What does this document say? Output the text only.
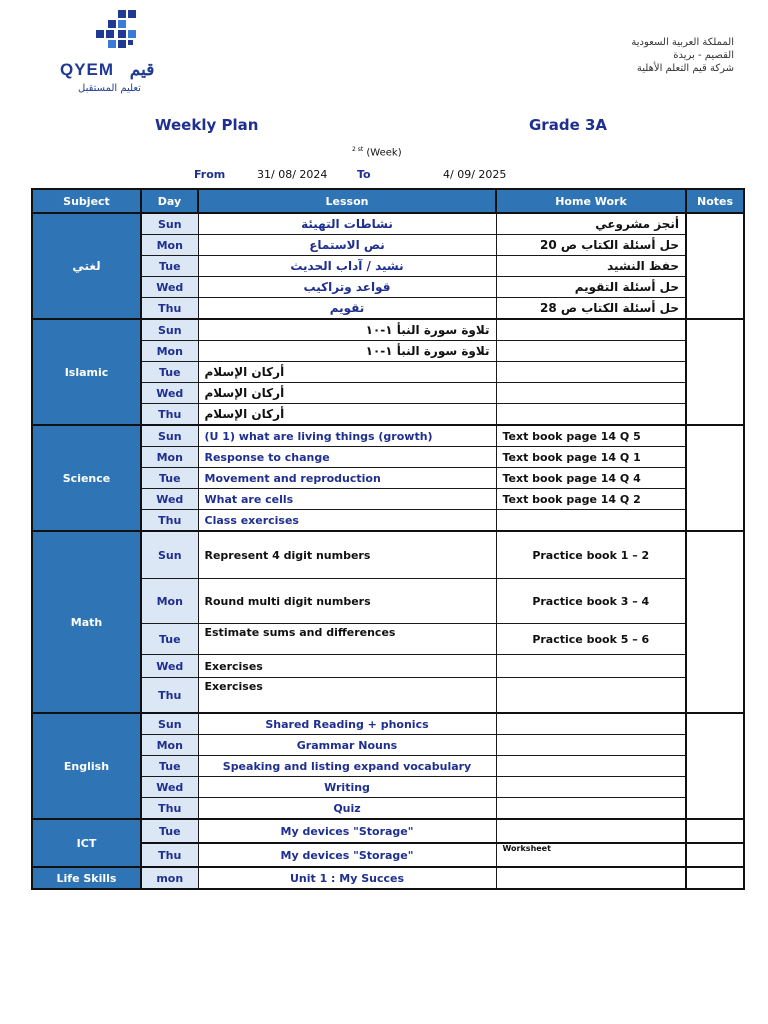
QYEM قيم
تعليم المستقبل
المملكة العربية السعودية
القصيم - بريدة
شركة قيم التعلم الأهلية
Weekly Plan	Grade 3A
$^{2 st}$ (Week)
From	31/ 08/ 2024	To	4/ 09/ 2025
Subject	Day	Lesson	Home Work	Notes
لغتي	Sun	نشاطات التهيئة	أنجز مشروعي	
	Mon	نص الاستماع	حل أسئلة الكتاب ص 20	
	Tue	نشيد / آداب الحديث	حفظ النشيد	
	Wed	قواعد وتراكيب	حل أسئلة التقويم	
	Thu	تقويم	حل أسئلة الكتاب ص 28	
Islamic	Sun	تلاوة سورة النبأ ١-١٠		
	Mon	تلاوة سورة النبأ ١-١٠		
	Tue	أركان الإسلام		
	Wed	أركان الإسلام		
	Thu	أركان الإسلام		
Science	Sun	(U 1) what are living things (growth)	Text book page 14 Q 5	
	Mon	Response to change	Text book page 14 Q 1	
	Tue	Movement and reproduction	Text book page 14 Q 4	
	Wed	What are cells	Text book page 14 Q 2	
	Thu	Class exercises		
Math	Sun	Represent 4 digit numbers	Practice book 1 – 2	
	Mon	Round multi digit numbers	Practice book 3 – 4	
	Tue	Estimate sums and differences	Practice book 5 – 6	
	Wed	Exercises		
	Thu	Exercises		
English	Sun	Shared Reading + phonics		
	Mon	Grammar Nouns		
	Tue	Speaking and listing expand vocabulary		
	Wed	Writing		
	Thu	Quiz		
ICT	Tue	My devices "Storage"		
	Thu	My devices "Storage"	Worksheet	
Life Skills	mon	Unit 1 : My Succes		
